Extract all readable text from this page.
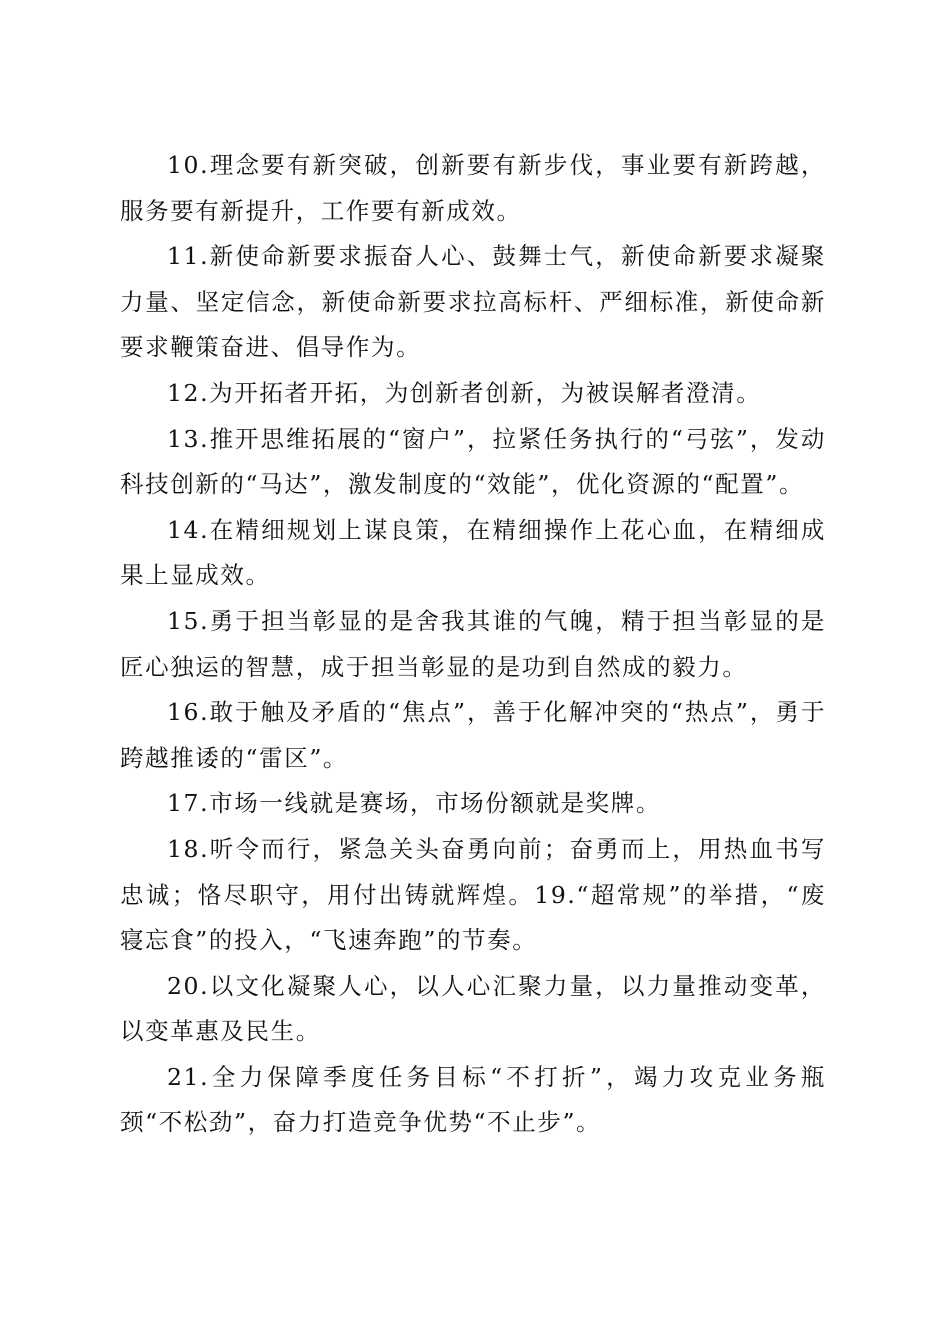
10.理念要有新突破，创新要有新步伐，事业要有新跨越，服务要有新提升，工作要有新成效。

11.新使命新要求振奋人心、鼓舞士气，新使命新要求凝聚力量、坚定信念，新使命新要求拉高标杆、严细标准，新使命新要求鞭策奋进、倡导作为。

12.为开拓者开拓，为创新者创新，为被误解者澄清。

13.推开思维拓展的“窗户”，拉紧任务执行的“弓弦”，发动科技创新的“马达”，激发制度的“效能”，优化资源的“配置”。

14.在精细规划上谋良策，在精细操作上花心血，在精细成果上显成效。

15.勇于担当彰显的是舍我其谁的气魄，精于担当彰显的是匠心独运的智慧，成于担当彰显的是功到自然成的毅力。

16.敢于触及矛盾的“焦点”，善于化解冲突的“热点”，勇于跨越推诿的“雷区”。

17.市场一线就是赛场，市场份额就是奖牌。

18.听令而行，紧急关头奋勇向前；奋勇而上，用热血书写忠诚；恪尽职守，用付出铸就辉煌。19.“超常规”的举措，“废寝忘食”的投入，“飞速奔跑”的节奏。

20.以文化凝聚人心，以人心汇聚力量，以力量推动变革，以变革惠及民生。

21.全力保障季度任务目标“不打折”，竭力攻克业务瓶颈“不松劲”，奋力打造竞争优势“不止步”。
